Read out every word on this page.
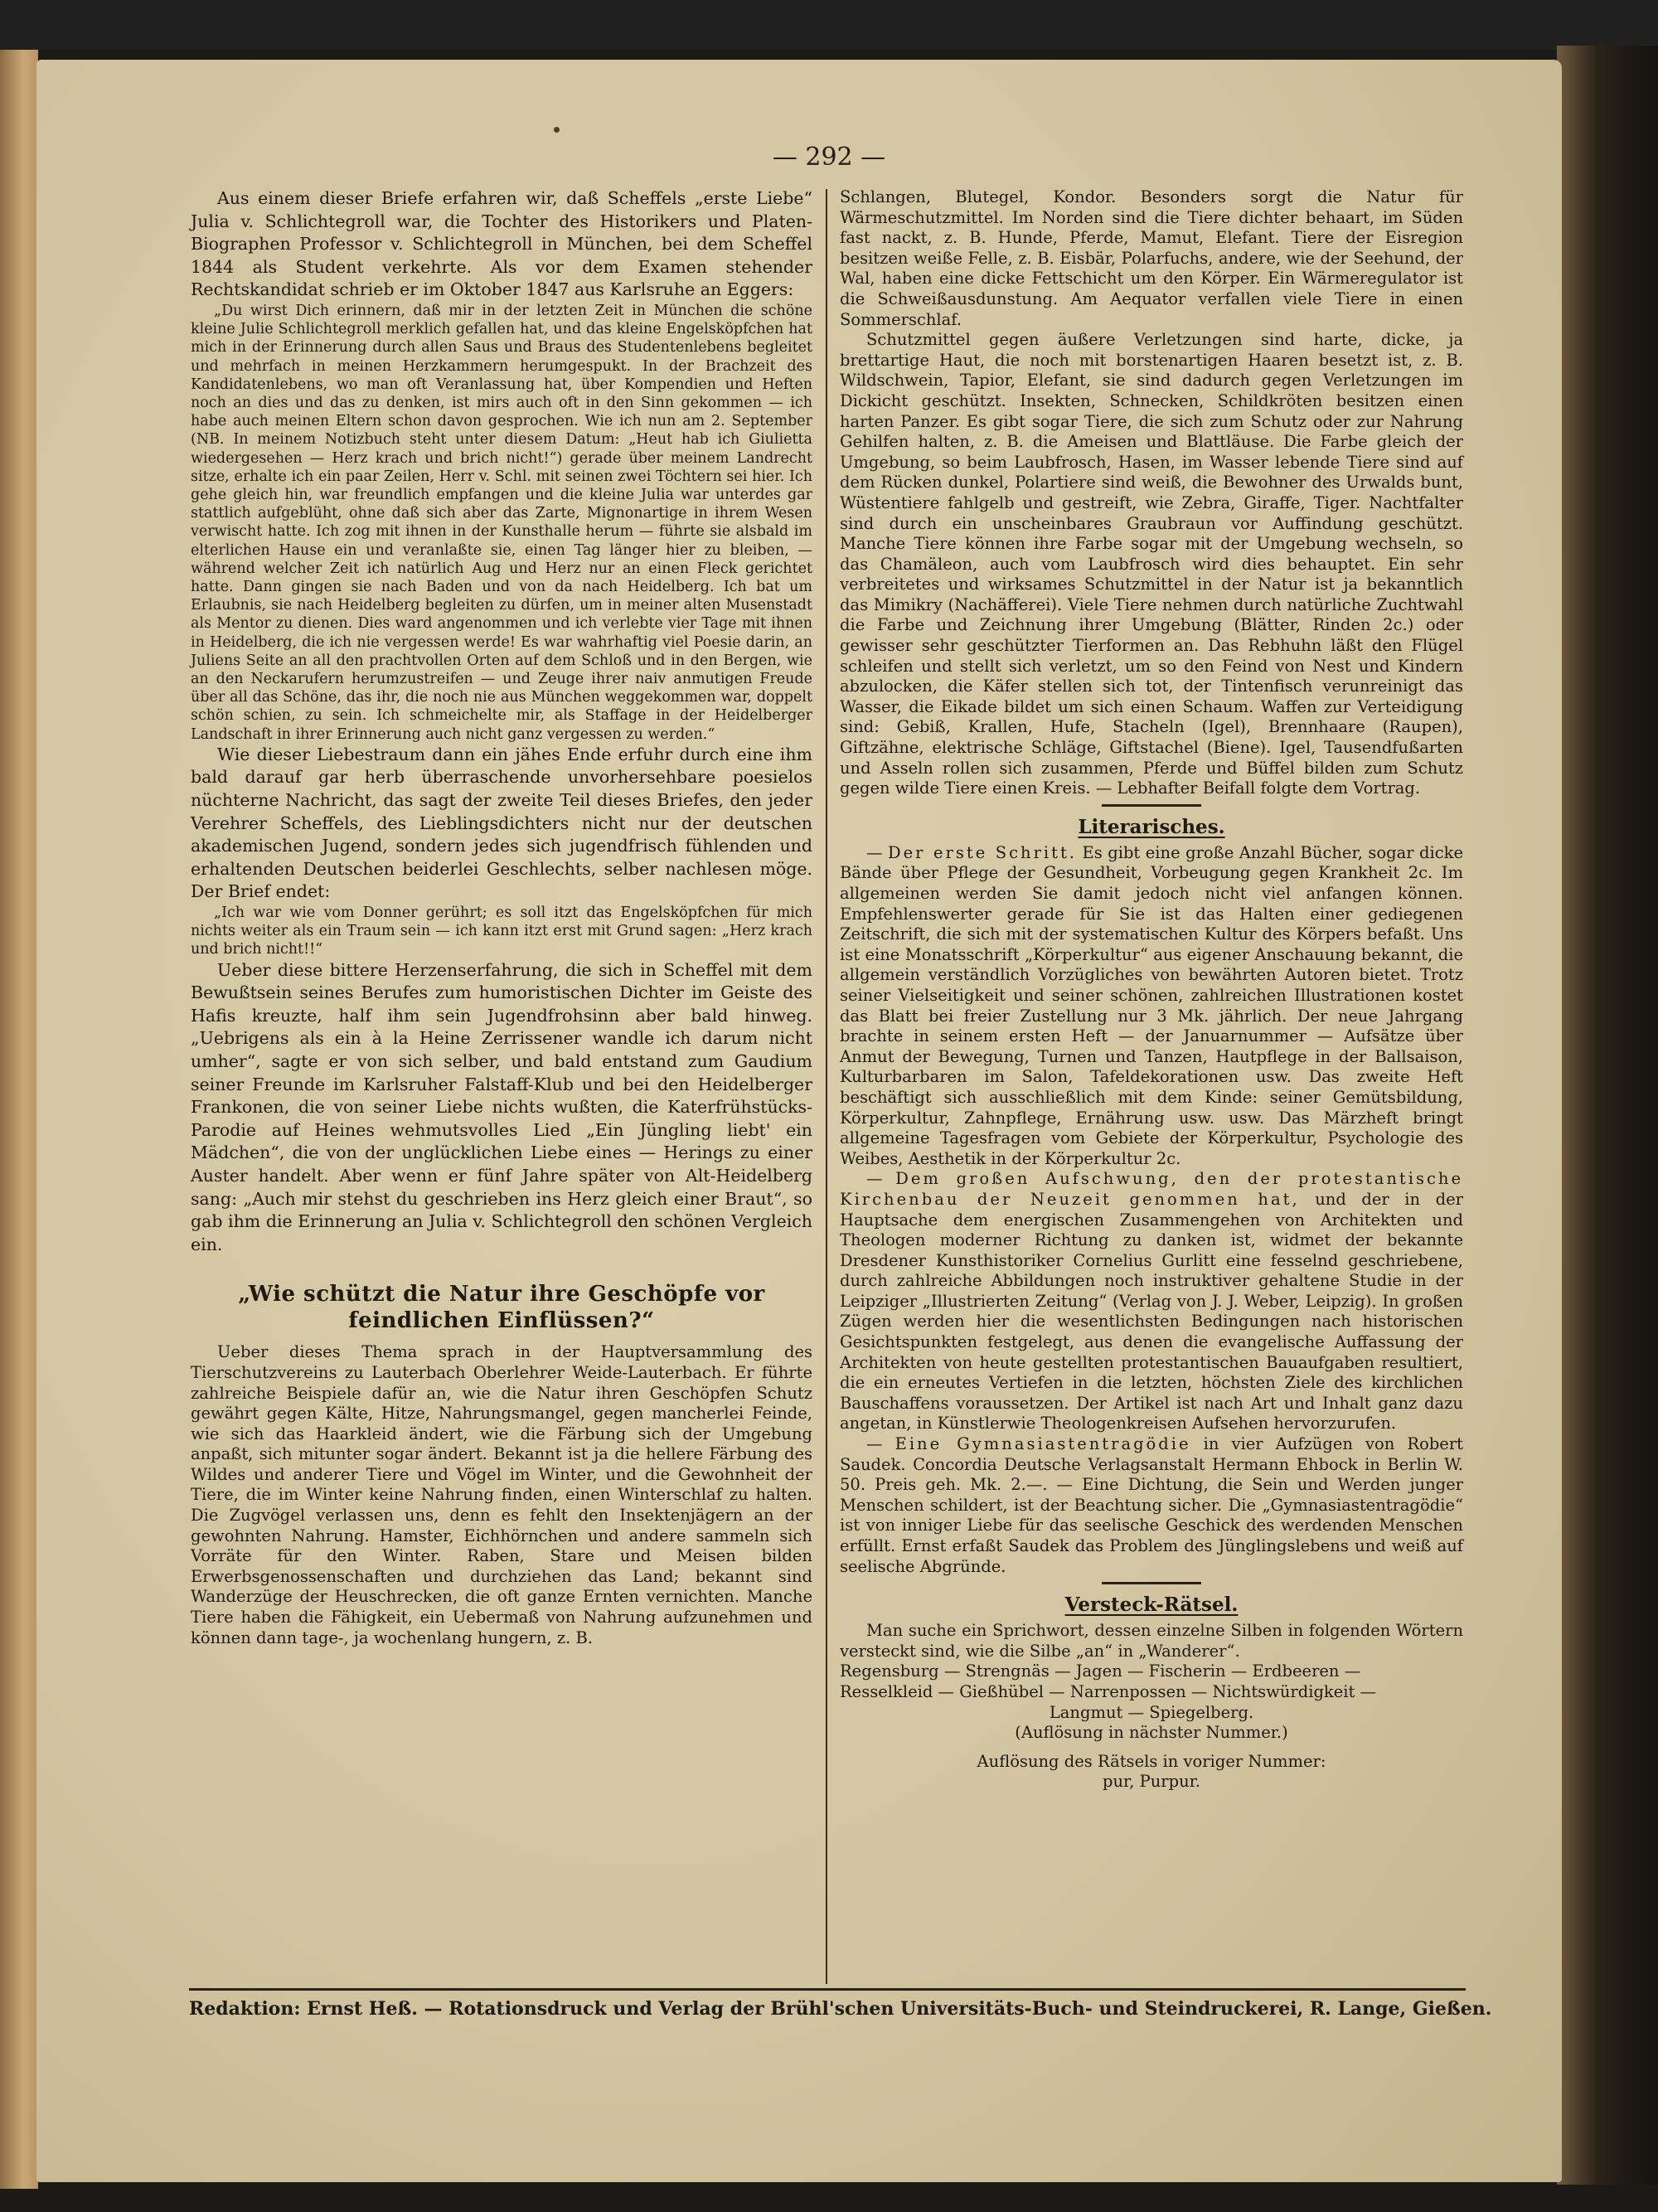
— 292 —

Aus einem dieser Briefe erfahren wir, daß Scheffels „erste Liebe“ Julia v. Schlichtegroll war, die Tochter des Historikers und Platen-Biographen Professor v. Schlichtegroll in München, bei dem Scheffel 1844 als Student verkehrte. Als vor dem Examen stehender Rechtskandidat schrieb er im Oktober 1847 aus Karlsruhe an Eggers:

„Du wirst Dich erinnern, daß mir in der letzten Zeit in München die schöne kleine Julie Schlichtegroll merklich gefallen hat, und das kleine Engelsköpfchen hat mich in der Erinnerung durch allen Saus und Braus des Studentenlebens begleitet und mehrfach in meinen Herzkammern herumgespukt. In der Brachzeit des Kandidatenlebens, wo man oft Veranlassung hat, über Kompendien und Heften noch an dies und das zu denken, ist mirs auch oft in den Sinn gekommen — ich habe auch meinen Eltern schon davon gesprochen. Wie ich nun am 2. September (NB. In meinem Notizbuch steht unter diesem Datum: „Heut hab ich Giulietta wiedergesehen — Herz krach und brich nicht!“) gerade über meinem Landrecht sitze, erhalte ich ein paar Zeilen, Herr v. Schl. mit seinen zwei Töchtern sei hier. Ich gehe gleich hin, war freundlich empfangen und die kleine Julia war unterdes gar stattlich aufgeblüht, ohne daß sich aber das Zarte, Mignonartige in ihrem Wesen verwischt hatte. Ich zog mit ihnen in der Kunsthalle herum — führte sie alsbald im elterlichen Hause ein und veranlaßte sie, einen Tag länger hier zu bleiben, — während welcher Zeit ich natürlich Aug und Herz nur an einen Fleck gerichtet hatte. Dann gingen sie nach Baden und von da nach Heidelberg. Ich bat um Erlaubnis, sie nach Heidelberg begleiten zu dürfen, um in meiner alten Musenstadt als Mentor zu dienen. Dies ward angenommen und ich verlebte vier Tage mit ihnen in Heidelberg, die ich nie vergessen werde! Es war wahrhaftig viel Poesie darin, an Juliens Seite an all den prachtvollen Orten auf dem Schloß und in den Bergen, wie an den Neckarufern herumzustreifen — und Zeuge ihrer naiv anmutigen Freude über all das Schöne, das ihr, die noch nie aus München weggekommen war, doppelt schön schien, zu sein. Ich schmeichelte mir, als Staffage in der Heidelberger Landschaft in ihrer Erinnerung auch nicht ganz vergessen zu werden.“

Wie dieser Liebestraum dann ein jähes Ende erfuhr durch eine ihm bald darauf gar herb überraschende unvorhersehbare poesielos nüchterne Nachricht, das sagt der zweite Teil dieses Briefes, den jeder Verehrer Scheffels, des Lieblingsdichters nicht nur der deutschen akademischen Jugend, sondern jedes sich jugendfrisch fühlenden und erhaltenden Deutschen beiderlei Geschlechts, selber nachlesen möge. Der Brief endet:

„Ich war wie vom Donner gerührt; es soll itzt das Engelsköpfchen für mich nichts weiter als ein Traum sein — ich kann itzt erst mit Grund sagen: „Herz krach und brich nicht!!“

Ueber diese bittere Herzenserfahrung, die sich in Scheffel mit dem Bewußtsein seines Berufes zum humoristischen Dichter im Geiste des Hafis kreuzte, half ihm sein Jugendfrohsinn aber bald hinweg. „Uebrigens als ein à la Heine Zerrissener wandle ich darum nicht umher“, sagte er von sich selber, und bald entstand zum Gaudium seiner Freunde im Karlsruher Falstaff-Klub und bei den Heidelberger Frankonen, die von seiner Liebe nichts wußten, die Katerfrühstücks-Parodie auf Heines wehmutsvolles Lied „Ein Jüngling liebt' ein Mädchen“, die von der unglücklichen Liebe eines — Herings zu einer Auster handelt. Aber wenn er fünf Jahre später von Alt-Heidelberg sang: „Auch mir stehst du geschrieben ins Herz gleich einer Braut“, so gab ihm die Erinnerung an Julia v. Schlichtegroll den schönen Vergleich ein.

„Wie schützt die Natur ihre Geschöpfe vor feindlichen Einflüssen?“

Ueber dieses Thema sprach in der Hauptversammlung des Tierschutzvereins zu Lauterbach Oberlehrer Weide-Lauterbach. Er führte zahlreiche Beispiele dafür an, wie die Natur ihren Geschöpfen Schutz gewährt gegen Kälte, Hitze, Nahrungsmangel, gegen mancherlei Feinde, wie sich das Haarkleid ändert, wie die Färbung sich der Umgebung anpaßt, sich mitunter sogar ändert. Bekannt ist ja die hellere Färbung des Wildes und anderer Tiere und Vögel im Winter, und die Gewohnheit der Tiere, die im Winter keine Nahrung finden, einen Winterschlaf zu halten. Die Zugvögel verlassen uns, denn es fehlt den Insektenjägern an der gewohnten Nahrung. Hamster, Eichhörnchen und andere sammeln sich Vorräte für den Winter. Raben, Stare und Meisen bilden Erwerbsgenossenschaften und durchziehen das Land; bekannt sind Wanderzüge der Heuschrecken, die oft ganze Ernten vernichten. Manche Tiere haben die Fähigkeit, ein Uebermaß von Nahrung aufzunehmen und können dann tage-, ja wochenlang hungern, z. B.

Schlangen, Blutegel, Kondor. Besonders sorgt die Natur für Wärmeschutzmittel. Im Norden sind die Tiere dichter behaart, im Süden fast nackt, z. B. Hunde, Pferde, Mamut, Elefant. Tiere der Eisregion besitzen weiße Felle, z. B. Eisbär, Polarfuchs, andere, wie der Seehund, der Wal, haben eine dicke Fettschicht um den Körper. Ein Wärmeregulator ist die Schweißausdunstung. Am Aequator verfallen viele Tiere in einen Sommerschlaf.

Schutzmittel gegen äußere Verletzungen sind harte, dicke, ja brettartige Haut, die noch mit borstenartigen Haaren besetzt ist, z. B. Wildschwein, Tapior, Elefant, sie sind dadurch gegen Verletzungen im Dickicht geschützt. Insekten, Schnecken, Schildkröten besitzen einen harten Panzer. Es gibt sogar Tiere, die sich zum Schutz oder zur Nahrung Gehilfen halten, z. B. die Ameisen und Blattläuse. Die Farbe gleich der Umgebung, so beim Laubfrosch, Hasen, im Wasser lebende Tiere sind auf dem Rücken dunkel, Polartiere sind weiß, die Bewohner des Urwalds bunt, Wüstentiere fahlgelb und gestreift, wie Zebra, Giraffe, Tiger. Nachtfalter sind durch ein unscheinbares Graubraun vor Auffindung geschützt. Manche Tiere können ihre Farbe sogar mit der Umgebung wechseln, so das Chamäleon, auch vom Laubfrosch wird dies behauptet. Ein sehr verbreitetes und wirksames Schutzmittel in der Natur ist ja bekanntlich das Mimikry (Nachäfferei). Viele Tiere nehmen durch natürliche Zuchtwahl die Farbe und Zeichnung ihrer Umgebung (Blätter, Rinden 2c.) oder gewisser sehr geschützter Tierformen an. Das Rebhuhn läßt den Flügel schleifen und stellt sich verletzt, um so den Feind von Nest und Kindern abzulocken, die Käfer stellen sich tot, der Tintenfisch verunreinigt das Wasser, die Eikade bildet um sich einen Schaum. Waffen zur Verteidigung sind: Gebiß, Krallen, Hufe, Stacheln (Igel), Brennhaare (Raupen), Giftzähne, elektrische Schläge, Giftstachel (Biene). Igel, Tausendfußarten und Asseln rollen sich zusammen, Pferde und Büffel bilden zum Schutz gegen wilde Tiere einen Kreis. — Lebhafter Beifall folgte dem Vortrag.

Literarisches.

— Der erste Schritt. Es gibt eine große Anzahl Bücher, sogar dicke Bände über Pflege der Gesundheit, Vorbeugung gegen Krankheit 2c. Im allgemeinen werden Sie damit jedoch nicht viel anfangen können. Empfehlenswerter gerade für Sie ist das Halten einer gediegenen Zeitschrift, die sich mit der systematischen Kultur des Körpers befaßt. Uns ist eine Monatsschrift „Körperkultur“ aus eigener Anschauung bekannt, die allgemein verständlich Vorzügliches von bewährten Autoren bietet. Trotz seiner Vielseitigkeit und seiner schönen, zahlreichen Illustrationen kostet das Blatt bei freier Zustellung nur 3 Mk. jährlich. Der neue Jahrgang brachte in seinem ersten Heft — der Januarnummer — Aufsätze über Anmut der Bewegung, Turnen und Tanzen, Hautpflege in der Ballsaison, Kulturbarbaren im Salon, Tafeldekorationen usw. Das zweite Heft beschäftigt sich ausschließlich mit dem Kinde: seiner Gemütsbildung, Körperkultur, Zahnpflege, Ernährung usw. usw. Das Märzheft bringt allgemeine Tagesfragen vom Gebiete der Körperkultur, Psychologie des Weibes, Aesthetik in der Körperkultur 2c.

— Dem großen Aufschwung, den der protestantische Kirchenbau der Neuzeit genommen hat, und der in der Hauptsache dem energischen Zusammengehen von Architekten und Theologen moderner Richtung zu danken ist, widmet der bekannte Dresdener Kunsthistoriker Cornelius Gurlitt eine fesselnd geschriebene, durch zahlreiche Abbildungen noch instruktiver gehaltene Studie in der Leipziger „Illustrierten Zeitung“ (Verlag von J. J. Weber, Leipzig). In großen Zügen werden hier die wesentlichsten Bedingungen nach historischen Gesichtspunkten festgelegt, aus denen die evangelische Auffassung der Architekten von heute gestellten protestantischen Bauaufgaben resultiert, die ein erneutes Vertiefen in die letzten, höchsten Ziele des kirchlichen Bauschaffens voraussetzen. Der Artikel ist nach Art und Inhalt ganz dazu angetan, in Künstlerwie Theologenkreisen Aufsehen hervorzurufen.

— Eine Gymnasiastentragödie in vier Aufzügen von Robert Saudek. Concordia Deutsche Verlagsanstalt Hermann Ehbock in Berlin W. 50. Preis geh. Mk. 2.—. — Eine Dichtung, die Sein und Werden junger Menschen schildert, ist der Beachtung sicher. Die „Gymnasiastentragödie“ ist von inniger Liebe für das seelische Geschick des werdenden Menschen erfüllt. Ernst erfaßt Saudek das Problem des Jünglingslebens und weiß auf seelische Abgründe.

Versteck-Rätsel.

Man suche ein Sprichwort, dessen einzelne Silben in folgenden Wörtern versteckt sind, wie die Silbe „an“ in „Wanderer“.

Regensburg — Strengnäs — Jagen — Fischerin — Erdbeeren —

Resselkleid — Gießhübel — Narrenpossen — Nichtswürdigkeit —

Langmut — Spiegelberg.

(Auflösung in nächster Nummer.)

Auflösung des Rätsels in voriger Nummer:

pur, Purpur.

Redaktion: Ernst Heß. — Rotationsdruck und Verlag der Brühl'schen Universitäts-Buch- und Steindruckerei, R. Lange, Gießen.
